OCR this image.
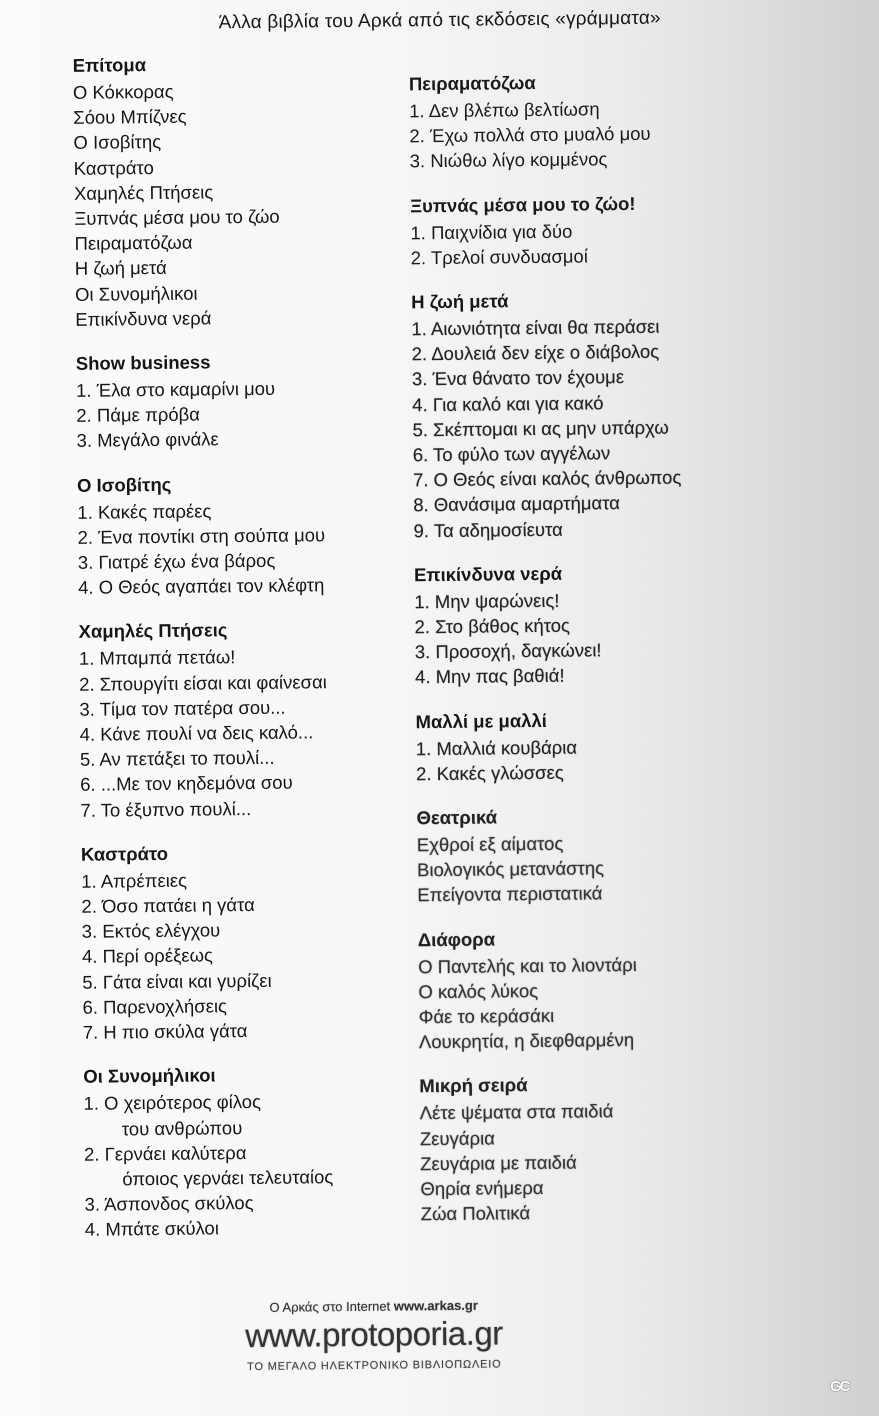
Άλλα βιβλία του Αρκά από τις εκδόσεις «γράμματα»
Επίτομα
Ο Κόκκορας
Σόου Μπίζνες
Ο Ισοβίτης
Καστράτο
Χαμηλές Πτήσεις
Ξυπνάς μέσα μου το ζώο
Πειραματόζωα
Η ζωή μετά
Οι Συνομήλικοι
Επικίνδυνα νερά
Show business
1. Έλα στο καμαρίνι μου
2. Πάμε πρόβα
3. Μεγάλο φινάλε
Ο Ισοβίτης
1. Κακές παρέες
2. Ένα ποντίκι στη σούπα μου
3. Γιατρέ έχω ένα βάρος
4. Ο Θεός αγαπάει τον κλέφτη
Χαμηλές Πτήσεις
1. Μπαμπά πετάω!
2. Σπουργίτι είσαι και φαίνεσαι
3. Τίμα τον πατέρα σου...
4. Κάνε πουλί να δεις καλό...
5. Αν πετάξει το πουλί...
6. ...Με τον κηδεμόνα σου
7. Το έξυπνο πουλί...
Καστράτο
1. Απρέπειες
2. Όσο πατάει η γάτα
3. Εκτός ελέγχου
4. Περί ορέξεως
5. Γάτα είναι και γυρίζει
6. Παρενοχλήσεις
7. Η πιο σκύλα γάτα
Οι Συνομήλικοι
1. Ο χειρότερος φίλος
του ανθρώπου
2. Γερνάει καλύτερα
όποιος γερνάει τελευταίος
3. Άσπονδος σκύλος
4. Μπάτε σκύλοι
Πειραματόζωα
1. Δεν βλέπω βελτίωση
2. Έχω πολλά στο μυαλό μου
3. Νιώθω λίγο κομμένος
Ξυπνάς μέσα μου το ζώο!
1. Παιχνίδια για δύο
2. Τρελοί συνδυασμοί
Η ζωή μετά
1. Αιωνιότητα είναι θα περάσει
2. Δουλειά δεν είχε ο διάβολος
3. Ένα θάνατο τον έχουμε
4. Για καλό και για κακό
5. Σκέπτομαι κι ας μην υπάρχω
6. Το φύλο των αγγέλων
7. Ο Θεός είναι καλός άνθρωπος
8. Θανάσιμα αμαρτήματα
9. Τα αδημοσίευτα
Επικίνδυνα νερά
1. Μην ψαρώνεις!
2. Στο βάθος κήτος
3. Προσοχή, δαγκώνει!
4. Μην πας βαθιά!
Μαλλί με μαλλί
1. Μαλλιά κουβάρια
2. Κακές γλώσσες
Θεατρικά
Εχθροί εξ αίματος
Βιολογικός μετανάστης
Επείγοντα περιστατικά
Διάφορα
Ο Παντελής και το λιοντάρι
Ο καλός λύκος
Φάε το κεράσάκι
Λουκρητία, η διεφθαρμένη
Μικρή σειρά
Λέτε ψέματα στα παιδιά
Ζευγάρια
Ζευγάρια με παιδιά
Θηρία ενήμερα
Ζώα Πολιτικά
Ο Αρκάς στο Internet www.arkas.gr
www.protoporia.gr
ΤΟ ΜΕΓΑΛΟ ΗΛΕΚΤΡΟΝΙΚΟ ΒΙΒΛΙΟΠΩΛΕΙΟ
GC
